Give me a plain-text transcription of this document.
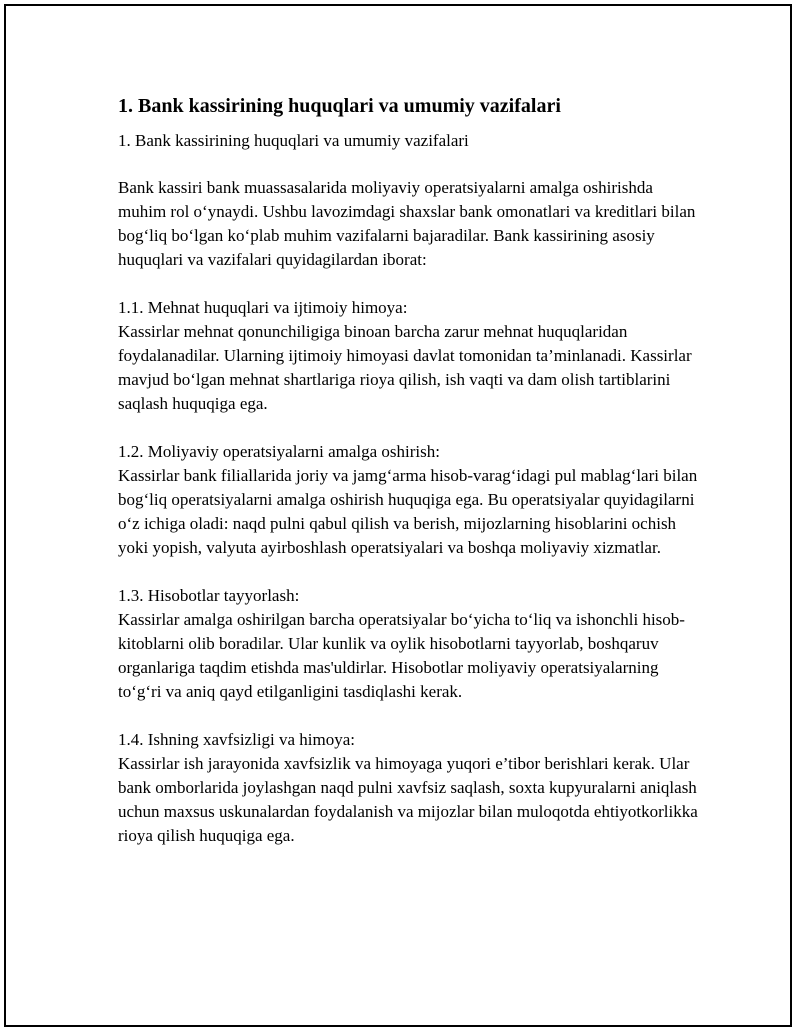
1. Bank kassirining huquqlari va umumiy vazifalari

1. Bank kassirining huquqlari va umumiy vazifalari

Bank kassiri bank muassasalarida moliyaviy operatsiyalarni amalga oshirishda muhim rol o‘ynaydi. Ushbu lavozimdagi shaxslar bank omonatlari va kreditlari bilan bog‘liq bo‘lgan ko‘plab muhim vazifalarni bajaradilar. Bank kassirining asosiy huquqlari va vazifalari quyidagilardan iborat:

1.1. Mehnat huquqlari va ijtimoiy himoya:

Kassirlar mehnat qonunchiligiga binoan barcha zarur mehnat huquqlaridan foydalanadilar. Ularning ijtimoiy himoyasi davlat tomonidan ta’minlanadi. Kassirlar mavjud bo‘lgan mehnat shartlariga rioya qilish, ish vaqti va dam olish tartiblarini saqlash huquqiga ega.

1.2. Moliyaviy operatsiyalarni amalga oshirish:

Kassirlar bank filiallarida joriy va jamg‘arma hisob-varag‘idagi pul mablag‘lari bilan bog‘liq operatsiyalarni amalga oshirish huquqiga ega. Bu operatsiyalar quyidagilarni o‘z ichiga oladi: naqd pulni qabul qilish va berish, mijozlarning hisoblarini ochish yoki yopish, valyuta ayirboshlash operatsiyalari va boshqa moliyaviy xizmatlar.

1.3. Hisobotlar tayyorlash:

Kassirlar amalga oshirilgan barcha operatsiyalar bo‘yicha to‘liq va ishonchli hisob-kitoblarni olib boradilar. Ular kunlik va oylik hisobotlarni tayyorlab, boshqaruv organlariga taqdim etishda mas'uldirlar. Hisobotlar moliyaviy operatsiyalarning to‘g‘ri va aniq qayd etilganligini tasdiqlashi kerak.

1.4. Ishning xavfsizligi va himoya:

Kassirlar ish jarayonida xavfsizlik va himoyaga yuqori e’tibor berishlari kerak. Ular bank omborlarida joylashgan naqd pulni xavfsiz saqlash, soxta kupyuralarni aniqlash uchun maxsus uskunalardan foydalanish va mijozlar bilan muloqotda ehtiyotkorlikka rioya qilish huquqiga ega.
